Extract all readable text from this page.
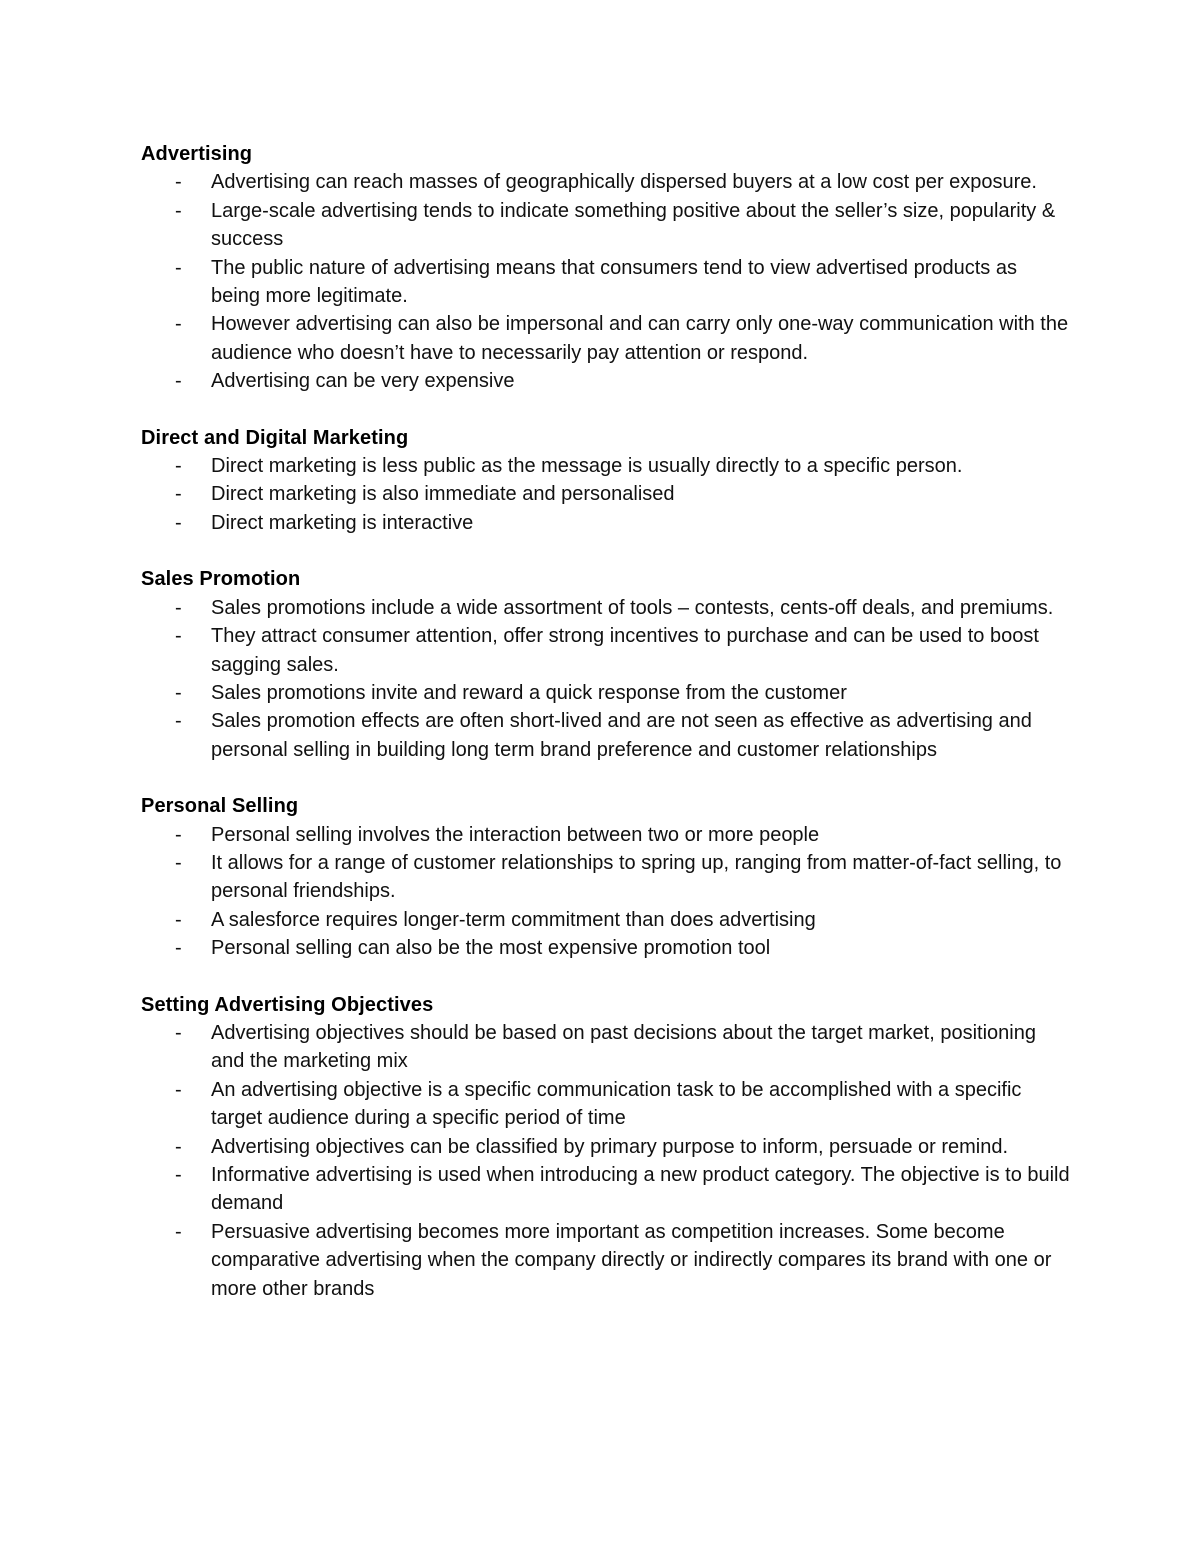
Advertising
- Advertising can reach masses of geographically dispersed buyers at a low cost per exposure.
- Large-scale advertising tends to indicate something positive about the seller’s size, popularity & success
- The public nature of advertising means that consumers tend to view advertised products as being more legitimate.
- However advertising can also be impersonal and can carry only one-way communication with the audience who doesn’t have to necessarily pay attention or respond.
- Advertising can be very expensive
Direct and Digital Marketing
- Direct marketing is less public as the message is usually directly to a specific person.
- Direct marketing is also immediate and personalised
- Direct marketing is interactive
Sales Promotion
- Sales promotions include a wide assortment of tools – contests, cents-off deals, and premiums.
- They attract consumer attention, offer strong incentives to purchase and can be used to boost sagging sales.
- Sales promotions invite and reward a quick response from the customer
- Sales promotion effects are often short-lived and are not seen as effective as advertising and personal selling in building long term brand preference and customer relationships
Personal Selling
- Personal selling involves the interaction between two or more people
- It allows for a range of customer relationships to spring up, ranging from matter-of-fact selling, to personal friendships.
- A salesforce requires longer-term commitment than does advertising
- Personal selling can also be the most expensive promotion tool
Setting Advertising Objectives
- Advertising objectives should be based on past decisions about the target market, positioning and the marketing mix
- An advertising objective is a specific communication task to be accomplished with a specific target audience during a specific period of time
- Advertising objectives can be classified by primary purpose to inform, persuade or remind.
- Informative advertising is used when introducing a new product category. The objective is to build demand
- Persuasive advertising becomes more important as competition increases. Some become comparative advertising when the company directly or indirectly compares its brand with one or more other brands
